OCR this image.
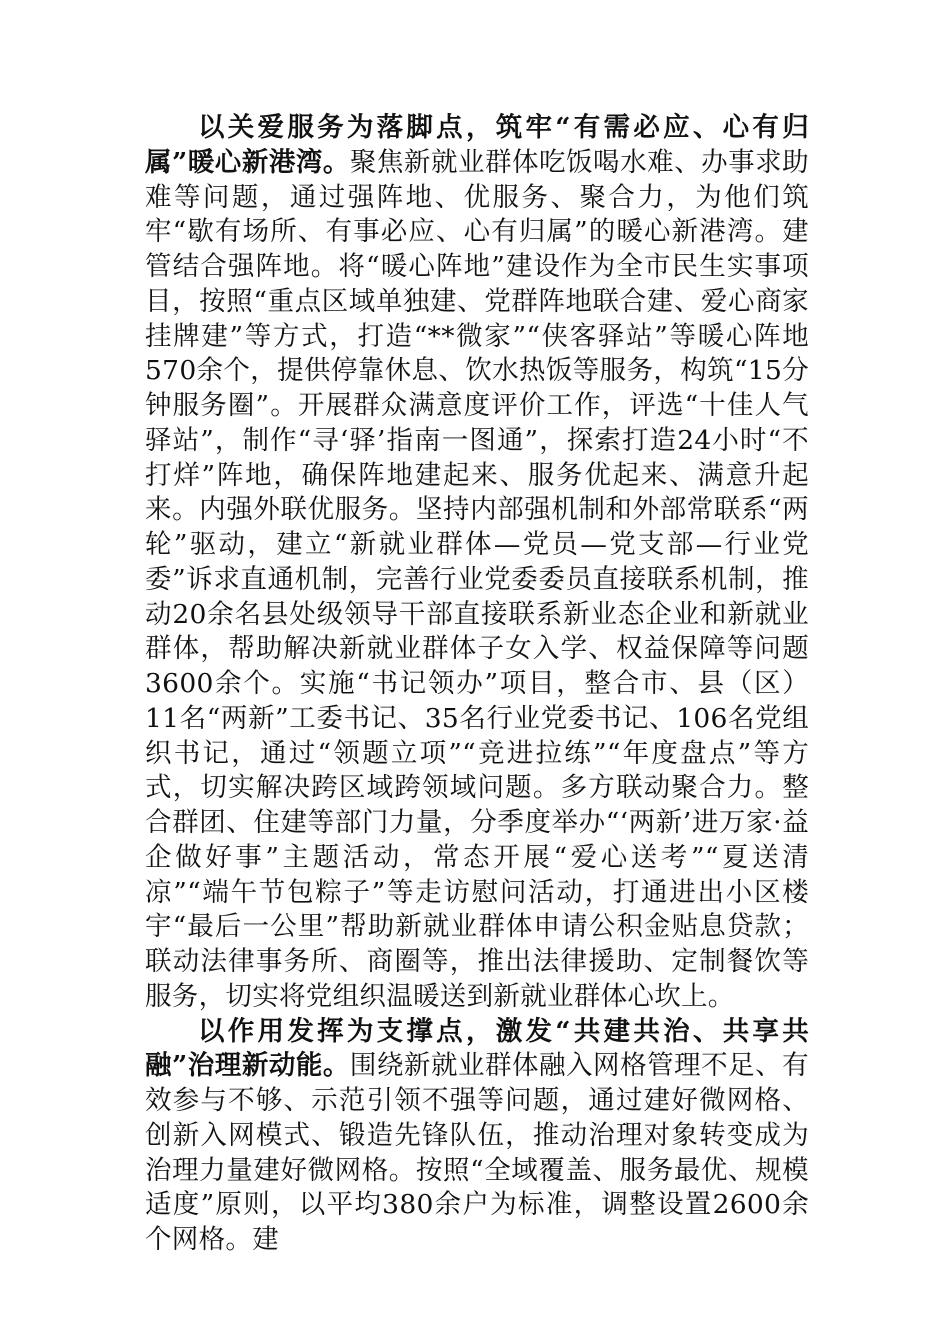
以关爱服务为落脚点，筑牢“有需必应、心有归属”暖心新港湾。聚焦新就业群体吃饭喝水难、办事求助难等问题，通过强阵地、优服务、聚合力，为他们筑牢“歇有场所、有事必应、心有归属”的暖心新港湾。建管结合强阵地。将“暖心阵地”建设作为全市民生实事项目，按照“重点区域单独建、党群阵地联合建、爱心商家挂牌建”等方式，打造“**微家”“侠客驿站”等暖心阵地570余个，提供停靠休息、饮水热饭等服务，构筑“15分钟服务圈”。开展群众满意度评价工作，评选“十佳人气驿站”，制作“寻‘驿’指南一图通”，探索打造24小时“不打烊”阵地，确保阵地建起来、服务优起来、满意升起来。内强外联优服务。坚持内部强机制和外部常联系“两轮”驱动，建立“新就业群体—党员—党支部—行业党委”诉求直通机制，完善行业党委委员直接联系机制，推动20余名县处级领导干部直接联系新业态企业和新就业群体，帮助解决新就业群体子女入学、权益保障等问题3600余个。实施“书记领办”项目，整合市、县（区）11名“两新”工委书记、35名行业党委书记、106名党组织书记，通过“领题立项”“竞进拉练”“年度盘点”等方式，切实解决跨区域跨领域问题。多方联动聚合力。整合群团、住建等部门力量，分季度举办“‘两新’进万家·益企做好事”主题活动，常态开展“爱心送考”“夏送清凉”“端午节包粽子”等走访慰问活动，打通进出小区楼宇“最后一公里”帮助新就业群体申请公积金贴息贷款；联动法律事务所、商圈等，推出法律援助、定制餐饮等服务，切实将党组织温暖送到新就业群体心坎上。

以作用发挥为支撑点，激发“共建共治、共享共融”治理新动能。围绕新就业群体融入网格管理不足、有效参与不够、示范引领不强等问题，通过建好微网格、创新入网模式、锻造先锋队伍，推动治理对象转变成为治理力量建好微网格。按照“全域覆盖、服务最优、规模适度”原则，以平均380余户为标准，调整设置2600余个网格。建
